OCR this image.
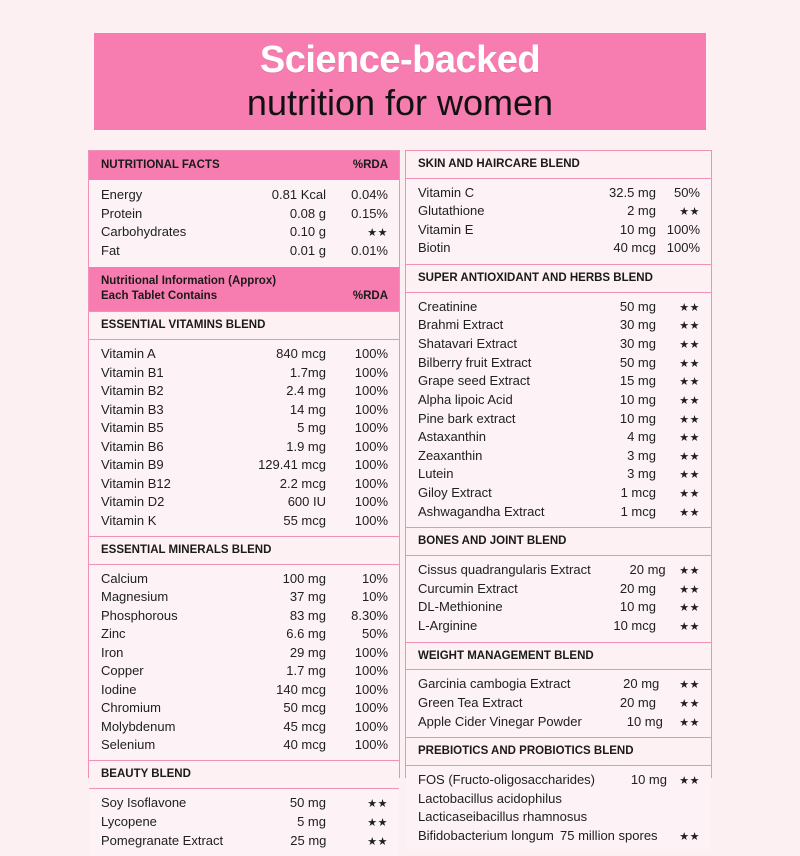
Science-backed
nutrition for women
NUTRITIONAL FACTS	%RDA
Energy	0.81 Kcal	0.04%
Protein	0.08 g	0.15%
Carbohydrates	0.10 g	★★
Fat	0.01 g	0.01%
Nutritional Information (Approx)
Each Tablet Contains	%RDA
ESSENTIAL VITAMINS BLEND
Vitamin A	840 mcg	100%
Vitamin B1	1.7mg	100%
Vitamin B2	2.4 mg	100%
Vitamin B3	14 mg	100%
Vitamin B5	5 mg	100%
Vitamin B6	1.9 mg	100%
Vitamin B9	129.41 mcg	100%
Vitamin B12	2.2 mcg	100%
Vitamin D2	600 IU	100%
Vitamin K	55 mcg	100%
ESSENTIAL MINERALS BLEND
Calcium	100 mg	10%
Magnesium	37 mg	10%
Phosphorous	83 mg	8.30%
Zinc	6.6 mg	50%
Iron	29 mg	100%
Copper	1.7 mg	100%
Iodine	140 mcg	100%
Chromium	50 mcg	100%
Molybdenum	45 mcg	100%
Selenium	40 mcg	100%
BEAUTY BLEND
Soy Isoflavone	50 mg	★★
Lycopene	5 mg	★★
Pomegranate Extract	25 mg	★★
SKIN AND HAIRCARE BLEND
Vitamin C	32.5 mg	50%
Glutathione	2 mg	★★
Vitamin E	10 mg 100%
Biotin	40 mcg 100%
SUPER ANTIOXIDANT AND HERBS BLEND
Creatinine	50 mg	★★
Brahmi Extract	30 mg	★★
Shatavari Extract	30 mg	★★
Bilberry fruit Extract	50 mg	★★
Grape seed Extract	15 mg	★★
Alpha lipoic Acid	10 mg	★★
Pine bark extract	10 mg	★★
Astaxanthin	4 mg	★★
Zeaxanthin	3 mg	★★
Lutein	3 mg	★★
Giloy Extract	1 mcg	★★
Ashwagandha Extract	1 mcg	★★
BONES AND JOINT BLEND
Cissus quadrangularis Extract	20 mg	★★
Curcumin Extract	20 mg	★★
DL-Methionine	10 mg	★★
L-Arginine	10 mcg	★★
WEIGHT MANAGEMENT BLEND
Garcinia cambogia Extract	20 mg	★★
Green Tea Extract	20 mg	★★
Apple Cider Vinegar Powder	10 mg	★★
PREBIOTICS AND PROBIOTICS BLEND
FOS (Fructo-oligosaccharides)	10 mg	★★
Lactobacillus acidophilus
Lacticaseibacillus rhamnosus
Bifidobacterium longum 75 million spores	★★
